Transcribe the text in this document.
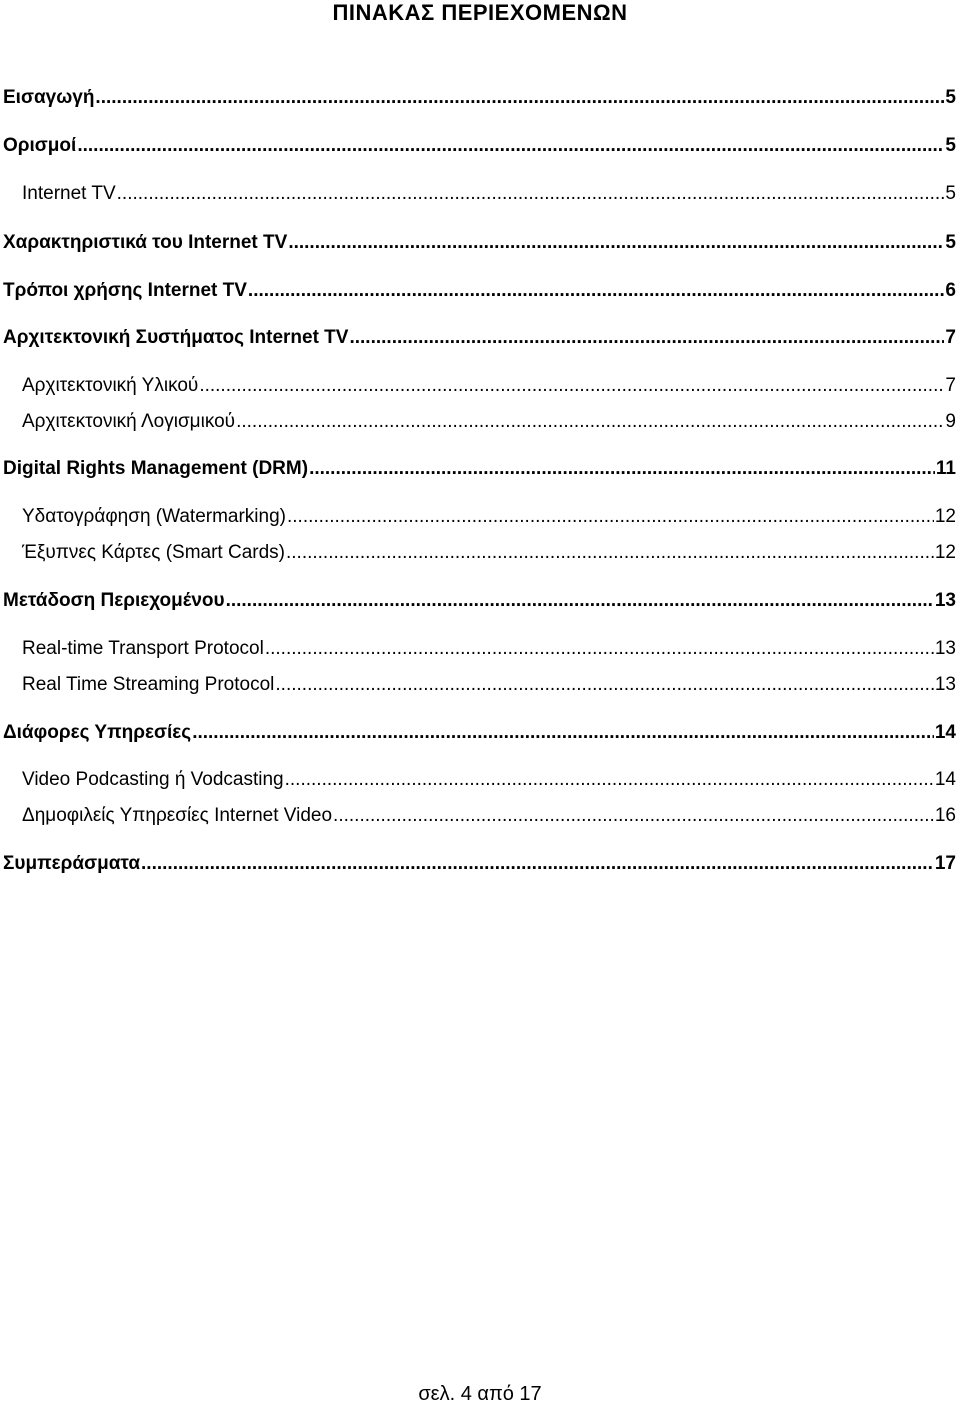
ΠΙΝΑΚΑΣ ΠΕΡΙΕΧΟΜΕΝΩΝ
Εισαγωγή .....	5
Ορισμοί .....	5
Internet TV .....	5
Χαρακτηριστικά του Internet TV .....	5
Τρόποι χρήσης Internet TV .....	6
Αρχιτεκτονική Συστήματος Internet TV .....	7
Αρχιτεκτονική Υλικού .....	7
Αρχιτεκτονική Λογισμικού .....	9
Digital Rights Management (DRM) .....	11
Υδατογράφηση (Watermarking) .....	12
Έξυπνες Κάρτες (Smart Cards) .....	12
Μετάδοση Περιεχομένου .....	13
Real-time Transport Protocol .....	13
Real Time Streaming Protocol .....	13
Διάφορες Υπηρεσίες .....	14
Video Podcasting ή Vodcasting .....	14
Δημοφιλείς Υπηρεσίες Internet Video .....	16
Συμπεράσματα .....	17
σελ. 4 από 17
